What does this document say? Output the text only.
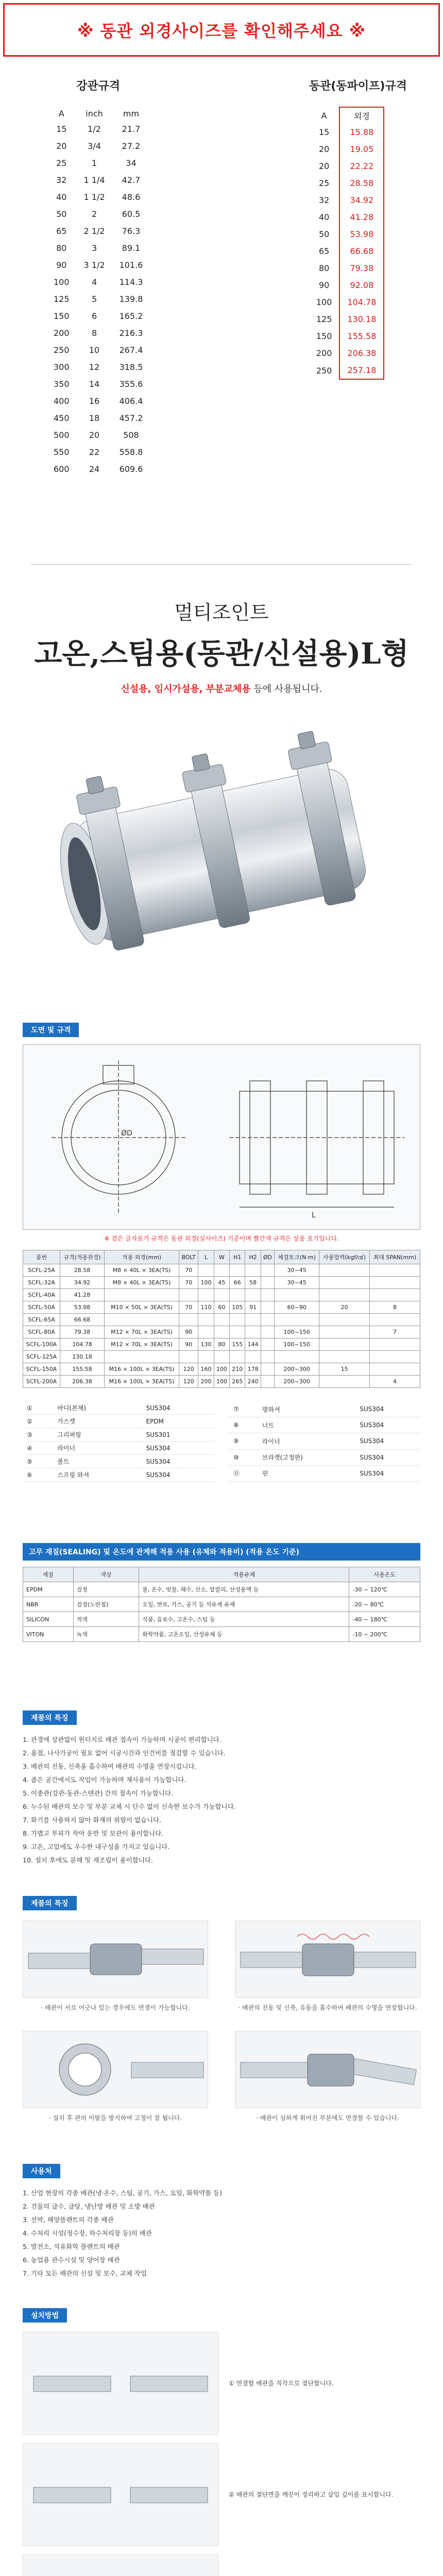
※ 동관 외경사이즈를 확인해주세요 ※
강관규격
A	inch	mm
15	1/2	21.7
20	3/4	27.2
25	1	34
32	1 1/4	42.7
40	1 1/2	48.6
50	2	60.5
65	2 1/2	76.3
80	3	89.1
90	3 1/2	101.6
100	4	114.3
125	5	139.8
150	6	165.2
200	8	216.3
250	10	267.4
300	12	318.5
350	14	355.6
400	16	406.4
450	18	457.2
500	20	508
550	22	558.8
600	24	609.6
동관(동파이프)규격
A	외경
15	15.88
20	19.05
20	22.22
25	28.58
32	34.92
40	41.28
50	53.98
65	66.68
80	79.38
90	92.08
100	104.78
125	130.18
150	155.58
200	206.38
250	257.18
멀티조인트
고온,스팀용(동관/신설용)L형
신설용, 임시가설용, 부분교체용 등에 사용됩니다.
도면 및 규격
L
ØD
※ 검은 글자표기 규격은 동관 외경(실사이즈) 기준이며 빨간색 규격은 상품 표기입니다.
품번	규격(적용관경)	적용 외경(mm)	BOLT	L	W	H1	H2	ØD	체결토크(N·m)	사용압력(kgf/㎠)	최대 SPAN(mm)
SCFL-25A	28.58	M8 × 40L × 3EA(TS)	70						30~45		
SCFL-32A	34.92	M8 × 40L × 3EA(TS)	70	100	45	66	58		30~45		
SCFL-40A	41.28										
SCFL-50A	53.98	M10 × 50L × 3EA(TS)	70	110	60	105	91		60~90	20	8
SCFL-65A	66.68										
SCFL-80A	79.38	M12 × 70L × 3EA(TS)	90						100~150		7
SCFL-100A	104.78	M12 × 70L × 3EA(TS)	90	130	80	155	144		100~150		
SCFL-125A	130.18										
SCFL-150A	155.58	M16 × 100L × 3EA(TS)	120	160	100	210	178		200~300	15	
SCFL-200A	206.38	M16 × 100L × 3EA(TS)	120	200	100	265	240		200~300		4
①	바디(본체)	SUS304
②	가스켓	EPDM
③	그리퍼링	SUS301
④	라이너	SUS304
⑤	볼트	SUS304
⑥	스프링 와셔	SUS304
⑦	평와셔	SUS304
⑧	너트	SUS304
⑨	라이너	SUS304
⑩	브라켓(고정판)	SUS304
⑪	핀	SUS304
고무 재질(SEALING) 및 온도에 관계해 적용 사용 (유체와 적용비) (적용 온도 기준)
재질	색상	적용유체	사용온도
EPDM	검정	물, 온수, 빗물, 해수, 산소, 알칼리, 산성용액 등	-30 ~ 120℃
NBR	검정(노란점)	오일, 연료, 가스, 공기 등 석유계 유체	-20 ~ 80℃
SILICON	적색	식품, 음료수, 고온수, 스팀 등	-40 ~ 180℃
VITON	녹색	화학약품, 고온오일, 산성유체 등	-10 ~ 200℃
제품의 특징

1. 관경에 상관없이 원터치로 배관 접속이 가능하며 시공이 편리합니다.

2. 용접, 나사가공이 필요 없어 시공시간과 인건비를 절감할 수 있습니다.

3. 배관의 진동, 신축을 흡수하여 배관의 수명을 연장시킵니다.

4. 좁은 공간에서도 작업이 가능하며 재사용이 가능합니다.

5. 이종관(강관-동관-스텐관) 간의 접속이 가능합니다.

6. 누수된 배관의 보수 및 부분 교체 시 단수 없이 신속한 보수가 가능합니다.

7. 화기를 사용하지 않아 화재의 위험이 없습니다.

8. 가볍고 부피가 작아 운반 및 보관이 용이합니다.

9. 고온, 고압에도 우수한 내구성을 가지고 있습니다.

10. 설치 후에도 분해 및 재조립이 용이합니다.

제품의 특징

· 배관이 서로 어긋나 있는 경우에도 연결이 가능합니다.	· 배관의 진동 및 신축, 유동을 흡수하여 배관의 수명을 연장합니다.

· 설치 후 관의 이탈을 방지하여 고정이 잘 됩니다.	· 배관이 심하게 휘어진 부분에도 연결할 수 있습니다.

사용처

1. 산업 현장의 각종 배관(냉·온수, 스팀, 공기, 가스, 오일, 화학약품 등)

2. 건물의 급수, 급탕, 냉난방 배관 및 소방 배관

3. 선박, 해양플랜트의 각종 배관

4. 수처리 시설(정수장, 하수처리장 등)의 배관

5. 발전소, 석유화학 플랜트의 배관

6. 농업용 관수시설 및 양어장 배관

7. 기타 모든 배관의 신설 및 보수, 교체 작업

설치방법

① 연결할 배관을 직각으로 절단합니다.

② 배관의 절단면을 깨끗이 정리하고 삽입 깊이를 표시합니다.
